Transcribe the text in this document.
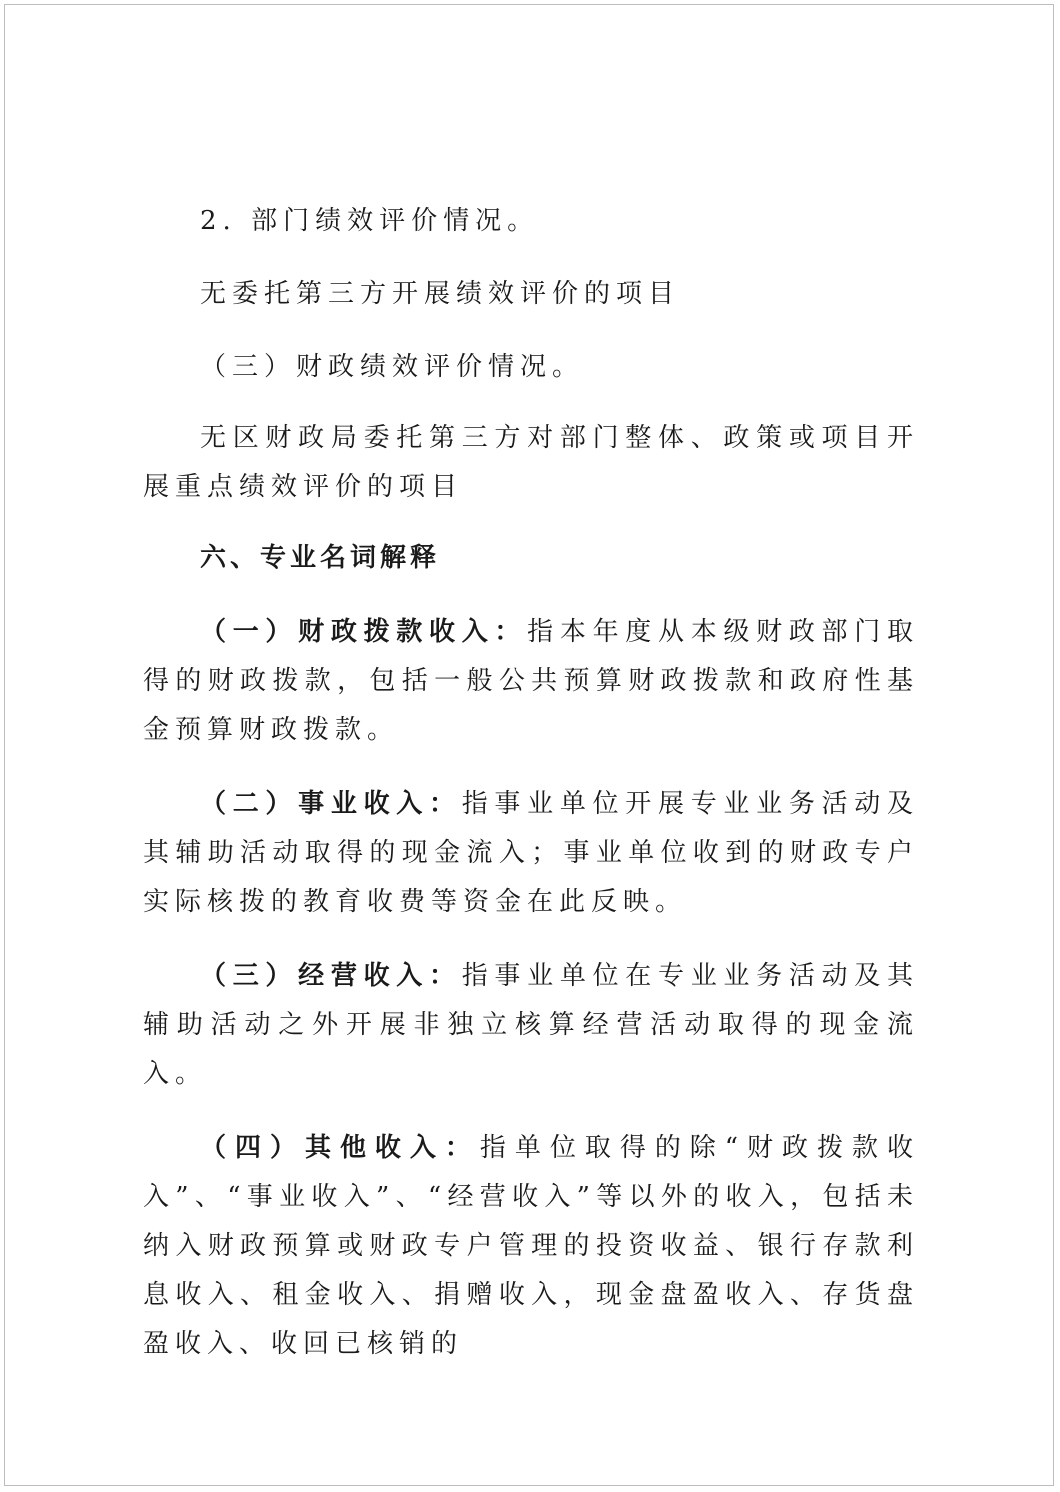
2. 部门绩效评价情况。

无委托第三方开展绩效评价的项目

（三）财政绩效评价情况。

无区财政局委托第三方对部门整体、政策或项目开展重点绩效评价的项目

六、专业名词解释

（一）财政拨款收入：指本年度从本级财政部门取得的财政拨款，包括一般公共预算财政拨款和政府性基金预算财政拨款。

（二）事业收入：指事业单位开展专业业务活动及其辅助活动取得的现金流入；事业单位收到的财政专户实际核拨的教育收费等资金在此反映。

（三）经营收入：指事业单位在专业业务活动及其辅助活动之外开展非独立核算经营活动取得的现金流入。

（四）其他收入：指单位取得的除“财政拨款收入”、“事业收入”、“经营收入”等以外的收入，包括未纳入财政预算或财政专户管理的投资收益、银行存款利息收入、租金收入、捐赠收入，现金盘盈收入、存货盘盈收入、收回已核销的
